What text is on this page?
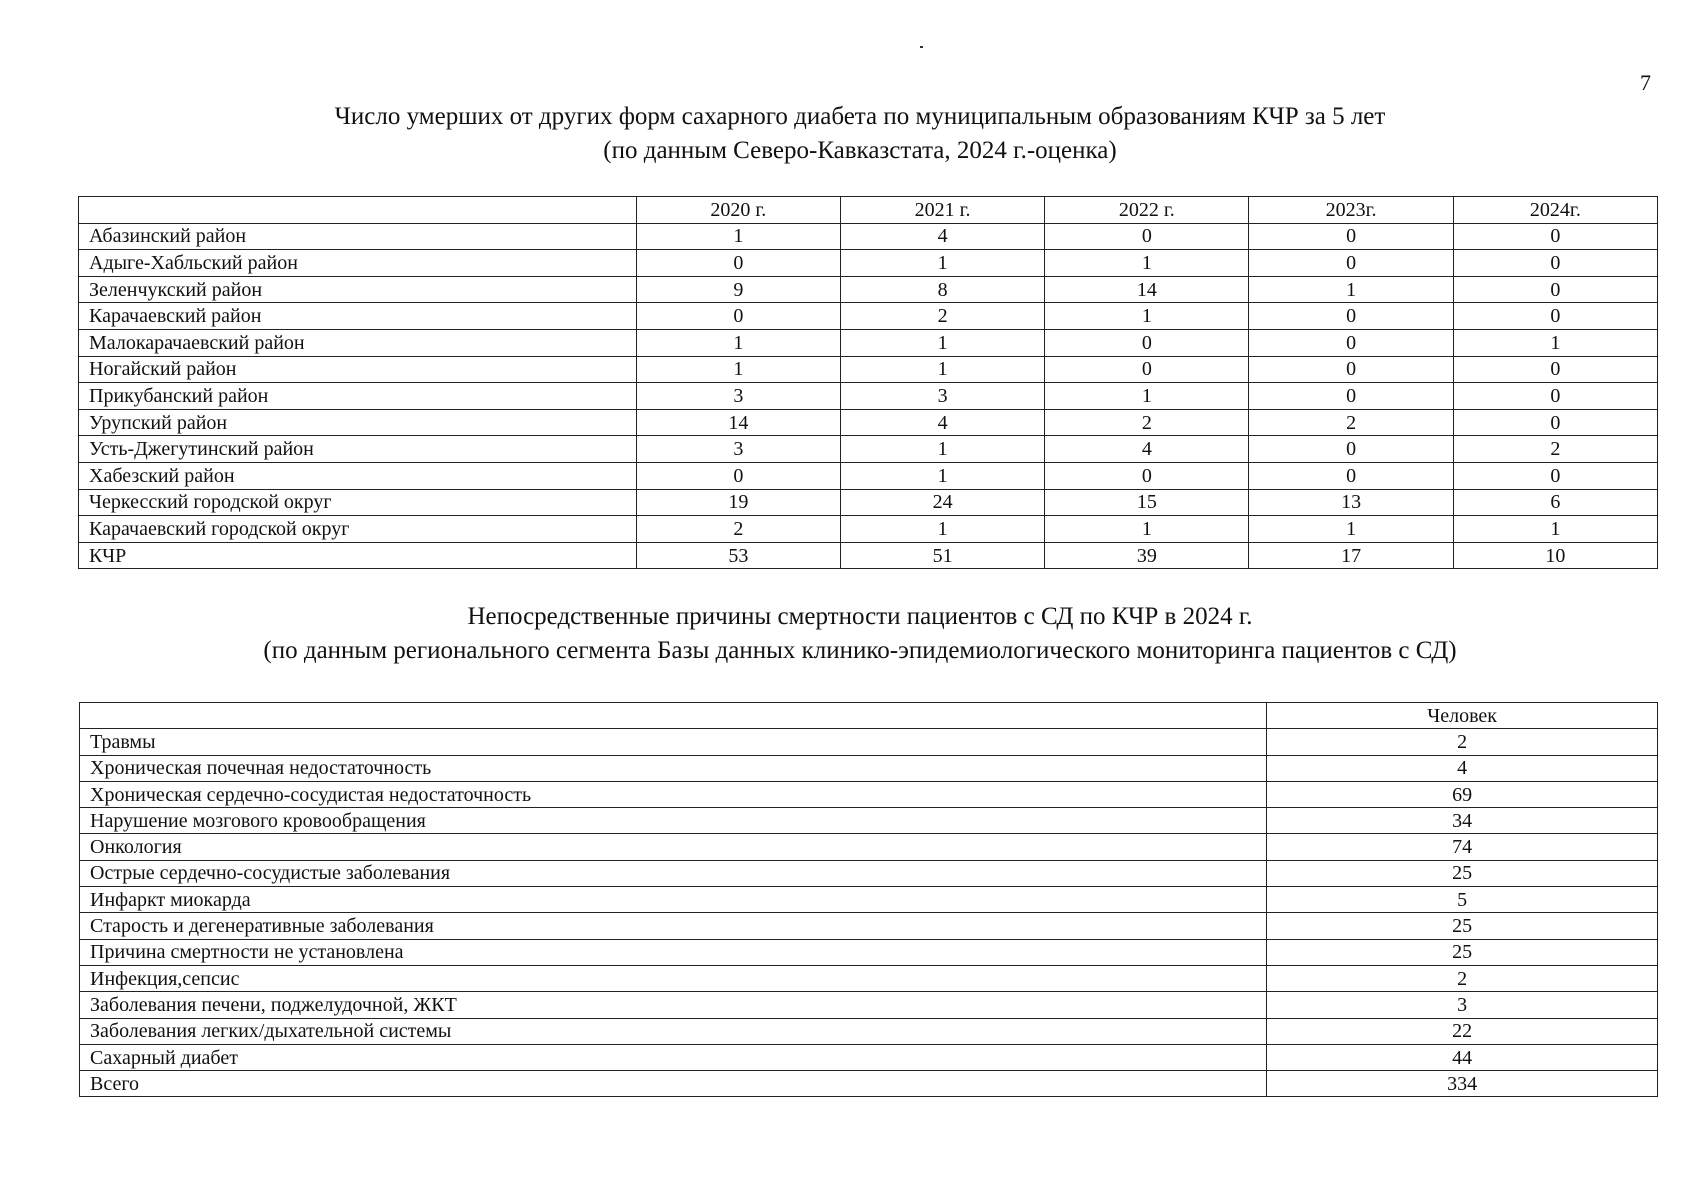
7
Число умерших от других форм сахарного диабета по муниципальным образованиям КЧР за 5 лет
(по данным Северо-Кавказстата, 2024 г.-оценка)
	2020 г.	2021 г.	2022 г.	2023г.	2024г.
Абазинский район	1	4	0	0	0
Адыге-Хабльский район	0	1	1	0	0
Зеленчукский район	9	8	14	1	0
Карачаевский район	0	2	1	0	0
Малокарачаевский район	1	1	0	0	1
Ногайский район	1	1	0	0	0
Прикубанский район	3	3	1	0	0
Урупский район	14	4	2	2	0
Усть-Джегутинский район	3	1	4	0	2
Хабезский район	0	1	0	0	0
Черкесский городской округ	19	24	15	13	6
Карачаевский городской округ	2	1	1	1	1
КЧР	53	51	39	17	10
Непосредственные причины смертности пациентов с СД по КЧР в 2024 г.
(по данным регионального сегмента Базы данных клинико-эпидемиологического мониторинга пациентов с СД)
	Человек
Травмы	2
Хроническая почечная недостаточность	4
Хроническая сердечно-сосудистая недостаточность	69
Нарушение мозгового кровообращения	34
Онкология	74
Острые сердечно-сосудистые заболевания	25
Инфаркт миокарда	5
Старость и дегенеративные заболевания	25
Причина смертности не установлена	25
Инфекция,сепсис	2
Заболевания печени, поджелудочной, ЖКТ	3
Заболевания легких/дыхательной системы	22
Сахарный диабет	44
Всего	334
